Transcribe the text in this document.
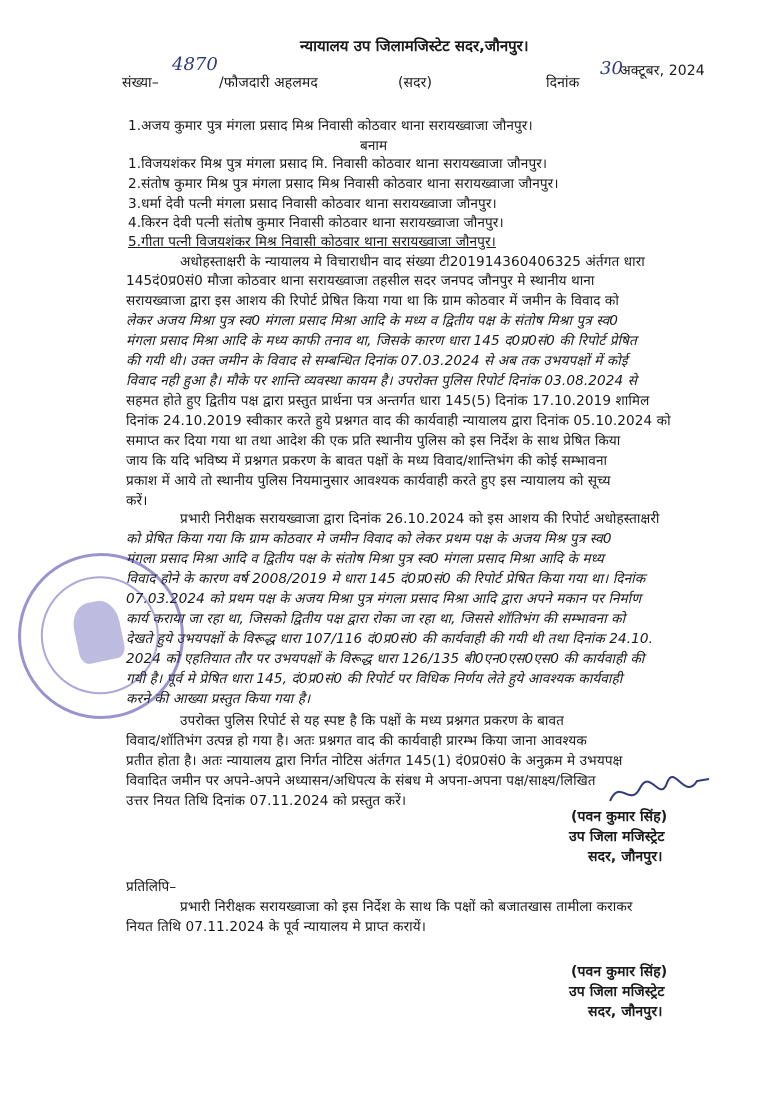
न्यायालय उप जिलामजिस्टेट सदर,जौनपुर।
संख्या–
4870
/फौजदारी अहलमद	(सदर)	दिनांक
30
अक्टूबर, 2024
1.अजय कुमार पुत्र मंगला प्रसाद मिश्र निवासी कोठवार थाना सरायख्वाजा जौनपुर।
बनाम
1.विजयशंकर मिश्र पुत्र मंगला प्रसाद मि. निवासी कोठवार थाना सरायख्वाजा जौनपुर।
2.संतोष कुमार मिश्र पुत्र मंगला प्रसाद मिश्र निवासी कोठवार थाना सरायख्वाजा जौनपुर।
3.धर्मा देवी पत्नी मंगला प्रसाद निवासी कोठवार थाना सरायख्वाजा जौनपुर।
4.किरन देवी पत्नी संतोष कुमार निवासी कोठवार थाना सरायख्वाजा जौनपुर।
5.गीता पत्नी विजयशंकर मिश्र निवासी कोठवार थाना सरायख्वाजा जौनपुर।
अधोहस्ताक्षरी के न्यायालय मे विचाराधीन वाद संख्या टी201914360406325 अंर्तगत धारा
145दं0प्र0सं0 मौजा कोठवार थाना सरायख्वाजा तहसील सदर जनपद जौनपुर मे स्थानीय थाना
सरायख्वाजा द्वारा इस आशय की रिपोर्ट प्रेषित किया गया था कि ग्राम कोठवार में जमीन के विवाद को
लेकर अजय मिश्रा पुत्र स्व0 मंगला प्रसाद मिश्रा आदि के मध्य व द्वितीय पक्ष के संतोष मिश्रा पुत्र स्व0
मंगला प्रसाद मिश्रा आदि के मध्य काफी तनाव था, जिसके कारण धारा 145 द0प्र0सं0 की रिपोर्ट प्रेषित
की गयी थी। उक्त जमीन के विवाद से सम्बन्धित दिनांक 07.03.2024 से अब तक उभयपक्षों में कोई
विवाद नही हुआ है। मौके पर शान्ति व्यवस्था कायम है। उपरोक्त पुलिस रिपोर्ट दिनांक 03.08.2024 से
सहमत होते हुए द्वितीय पक्ष द्वारा प्रस्तुत प्रार्थना पत्र अन्तर्गत धारा 145(5) दिनांक 17.10.2019 शामिल
दिनांक 24.10.2019 स्वीकार करते हुये प्रश्नगत वाद की कार्यवाही न्यायालय द्वारा दिनांक 05.10.2024 को
समाप्त कर दिया गया था तथा आदेश की एक प्रति स्थानीय पुलिस को इस निर्देश के साथ प्रेषित किया
जाय कि यदि भविष्य में प्रश्नगत प्रकरण के बावत पक्षों के मध्य विवाद/शान्तिभंग की कोई सम्भावना
प्रकाश में आये तो स्थानीय पुलिस नियमानुसार आवश्यक कार्यवाही करते हुए इस न्यायालय को सूच्य
करें।
प्रभारी निरीक्षक सरायख्वाजा द्वारा दिनांक 26.10.2024 को इस आशय की रिपोर्ट अधोहस्ताक्षरी
को प्रेषित किया गया कि ग्राम कोठवार मे जमीन विवाद को लेकर प्रथम पक्ष के अजय मिश्र पुत्र स्व0
मंगला प्रसाद मिश्रा आदि व द्वितीय पक्ष के संतोष मिश्रा पुत्र स्व0 मंगला प्रसाद मिश्रा आदि के मध्य
विवाद होने के कारण वर्ष 2008/2019 मे धारा 145 दं0प्र0सं0 की रिपोर्ट प्रेषित किया गया था। दिनांक
07.03.2024 को प्रथम पक्ष के अजय मिश्रा पुत्र मंगला प्रसाद मिश्रा आदि द्वारा अपने मकान पर निर्माण
कार्य कराया जा रहा था, जिसको द्वितीय पक्ष द्वारा रोका जा रहा था, जिससे शॉतिभंग की सम्भावना को
देखते हुये उभयपक्षों के विरूद्ध धारा 107/116 दं0प्र0सं0 की कार्यवाही की गयी थी तथा दिनांक 24.10.
2024 को एहतियात तौर पर उभयपक्षों के विरूद्ध धारा 126/135 बी0एन0एस0एस0 की कार्यवाही की
गयी है। पूर्व मे प्रेषित धारा 145, दं0प्र0सं0 की रिपोर्ट पर विधिक निर्णय लेते हुये आवश्यक कार्यवाही
करने की आख्या प्रस्तुत किया गया है।
उपरोक्त पुलिस रिपोर्ट से यह स्पष्ट है कि पक्षों के मध्य प्रश्नगत प्रकरण के बावत
विवाद/शॉतिभंग उत्पन्न हो गया है। अतः प्रश्नगत वाद की कार्यवाही प्रारम्भ किया जाना आवश्यक
प्रतीत होता है। अतः न्यायालय द्वारा निर्गत नोटिस अंर्तगत 145(1) दं0प्र0सं0 के अनुक्रम मे उभयपक्ष
विवादित जमीन पर अपने-अपने अध्यासन/अधिपत्य के संबध मे अपना-अपना पक्ष/साक्ष्य/लिखित
उत्तर नियत तिथि दिनांक 07.11.2024 को प्रस्तुत करें।
(पवन कुमार सिंह)
उप जिला मजिस्ट्रेट
सदर, जौनपुर।
प्रतिलिपि–
प्रभारी निरीक्षक सरायख्वाजा को इस निर्देश के साथ कि पक्षों को बजातखास तामीला कराकर
नियत तिथि 07.11.2024 के पूर्व न्यायालय मे प्राप्त करायें।
(पवन कुमार सिंह)
उप जिला मजिस्ट्रेट
सदर, जौनपुर।
